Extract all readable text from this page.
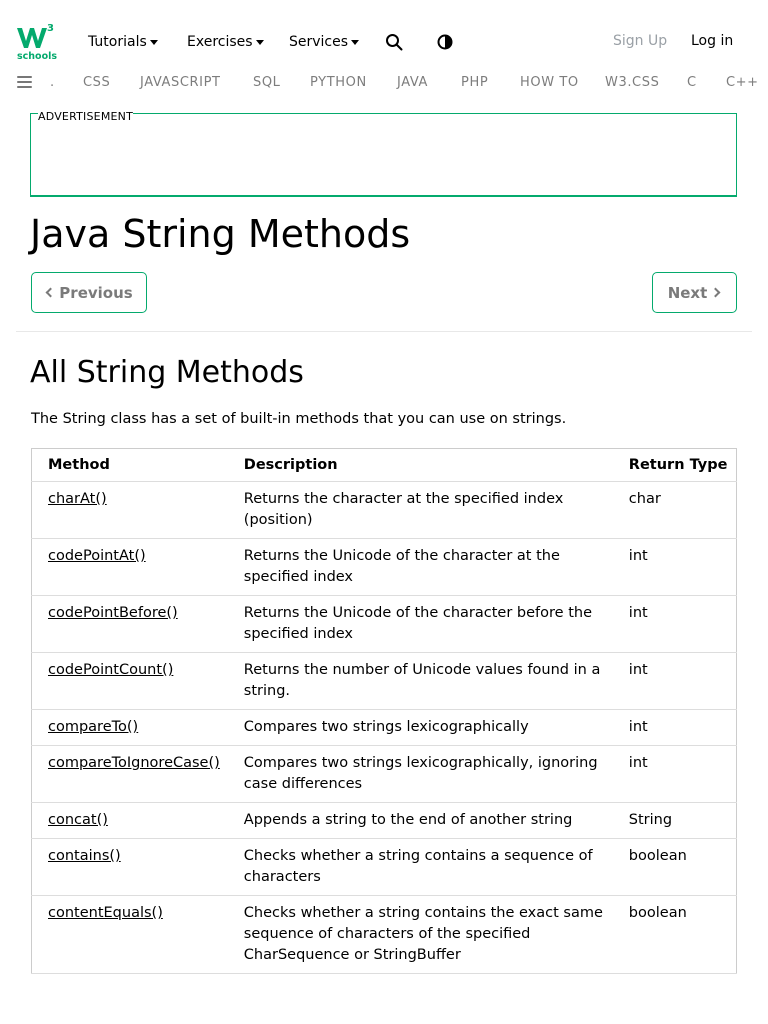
3
schools
Tutorials	Exercises	Services	Sign Up Log in
. CSS JAVASCRIPT SQL PYTHON JAVA	PHP HOW TO W3.CSS C C++
ADVERTISEMENT
Java String Methods
Previous	Next
All String Methods

The String class has a set of built-in methods that you can use on strings.

Method	Description	Return Type
charAt()	Returns the character at the specified index (position)	char
codePointAt()	Returns the Unicode of the character at the specified index	int
codePointBefore()	Returns the Unicode of the character before the specified index	int
codePointCount()	Returns the number of Unicode values found in a string.	int
compareTo()	Compares two strings lexicographically	int
compareToIgnoreCase()	Compares two strings lexicographically, ignoring case differences	int
concat()	Appends a string to the end of another string	String
contains()	Checks whether a string contains a sequence of characters	boolean
contentEquals()	Checks whether a string contains the exact same sequence of characters of the specified CharSequence or StringBuffer	boolean
